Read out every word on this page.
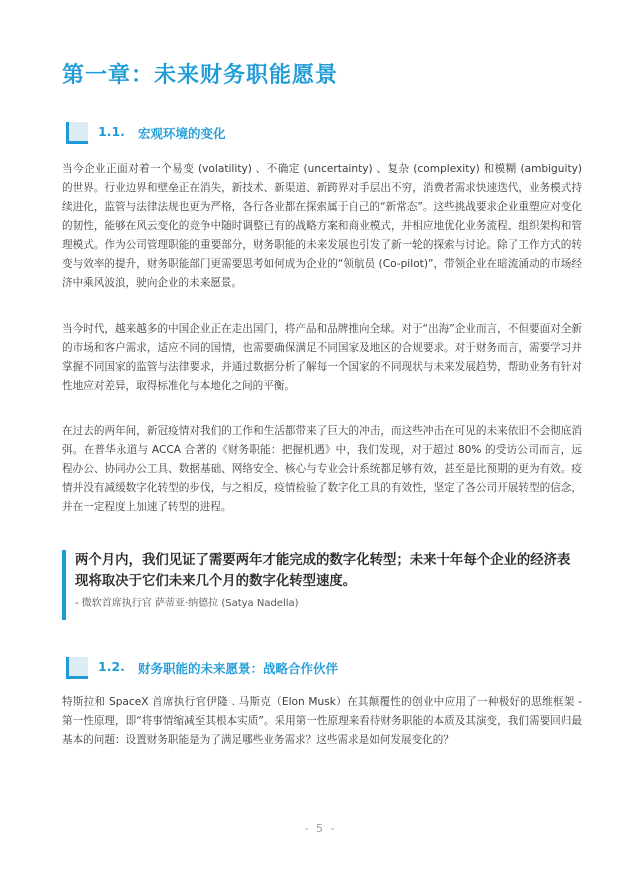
第一章：未来财务职能愿景
1.1. 宏观环境的变化

当今企业正面对着一个易变 (volatility) 、不确定 (uncertainty) 、复杂 (complexity) 和模糊 (ambiguity) 的世界。行业边界和壁垒正在消失，新技术、新渠道、新跨界对手层出不穷，消费者需求快速迭代，业务模式持续进化，监管与法律法规也更为严格，各行各业都在探索属于自己的“新常态”。这些挑战要求企业重塑应对变化的韧性，能够在风云变化的竞争中随时调整已有的战略方案和商业模式，并相应地优化业务流程、组织架构和管理模式。作为公司管理职能的重要部分，财务职能的未来发展也引发了新一轮的探索与讨论。除了工作方式的转变与效率的提升，财务职能部门更需要思考如何成为企业的“领航员 (Co-pilot)”，带领企业在暗流涌动的市场经济中乘风波浪，驶向企业的未来愿景。

当今时代，越来越多的中国企业正在走出国门，将产品和品牌推向全球。对于“出海”企业而言，不但要面对全新的市场和客户需求，适应不同的国情，也需要确保满足不同国家及地区的合规要求。对于财务而言，需要学习并掌握不同国家的监管与法律要求，并通过数据分析了解每一个国家的不同现状与未来发展趋势，帮助业务有针对性地应对差异，取得标准化与本地化之间的平衡。

在过去的两年间，新冠疫情对我们的工作和生活都带来了巨大的冲击，而这些冲击在可见的未来依旧不会彻底消弭。在普华永道与 ACCA 合著的《财务职能：把握机遇》中，我们发现，对于超过 80% 的受访公司而言，远程办公、协同办公工具、数据基础、网络安全、核心与专业会计系统都足够有效，甚至是比预期的更为有效。疫情并没有减缓数字化转型的步伐，与之相反，疫情检验了数字化工具的有效性，坚定了各公司开展转型的信念，并在一定程度上加速了转型的进程。

两个月内，我们见证了需要两年才能完成的数字化转型；未来十年每个企业的经济表现将取决于它们未来几个月的数字化转型速度。

- 微软首席执行官 萨蒂亚·纳德拉 (Satya Nadella)

1.2. 财务职能的未来愿景：战略合作伙伴

特斯拉和 SpaceX 首席执行官伊隆 . 马斯克（Elon Musk）在其颠覆性的创业中应用了一种极好的思维框架 - 第一性原理，即“将事情缩减至其根本实质”。采用第一性原理来看待财务职能的本质及其演变，我们需要回归最基本的问题：设置财务职能是为了满足哪些业务需求？这些需求是如何发展变化的？

- 5 -
